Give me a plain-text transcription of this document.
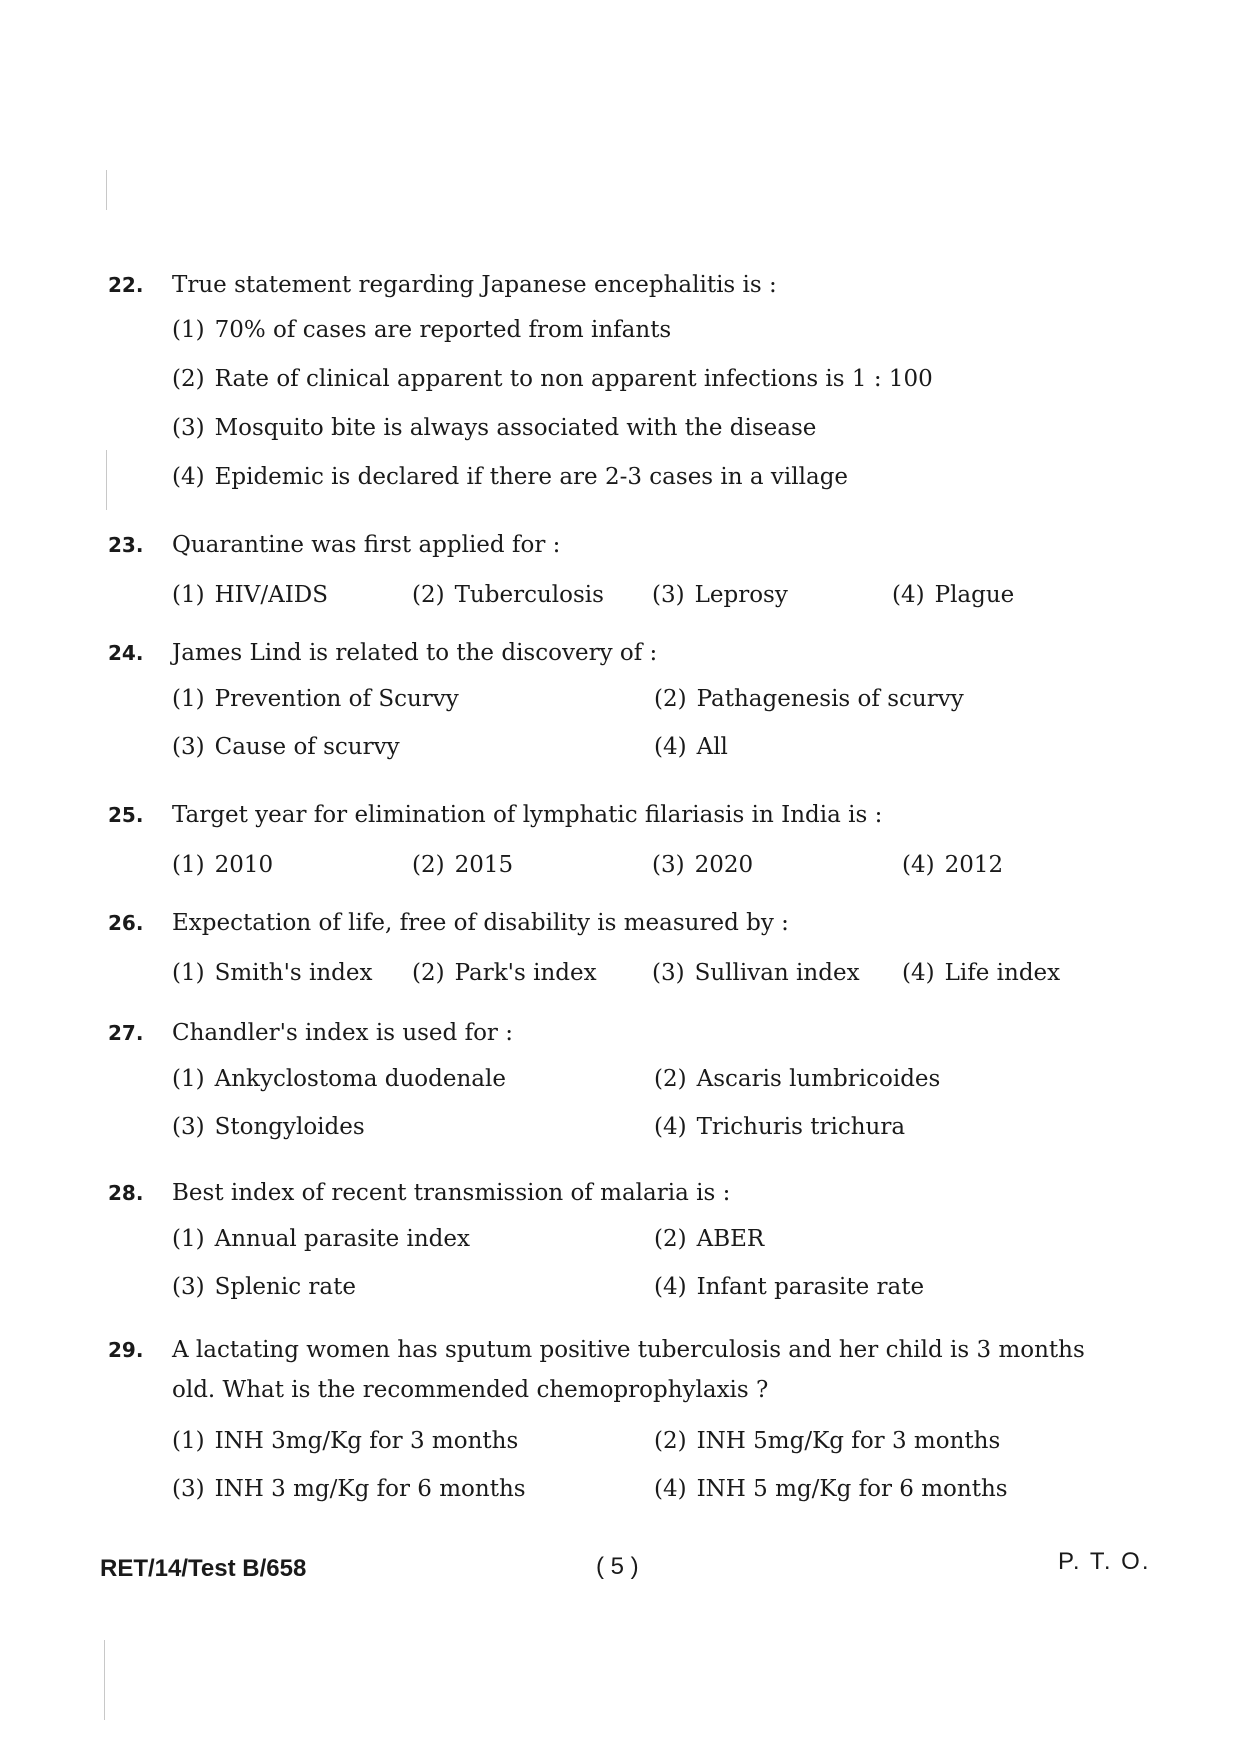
22. True statement regarding Japanese encephalitis is :
(1) 70% of cases are reported from infants
(2) Rate of clinical apparent to non apparent infections is 1 : 100
(3) Mosquito bite is always associated with the disease
(4) Epidemic is declared if there are 2-3 cases in a village
23. Quarantine was first applied for :
(1) HIV/AIDS	(2) Tuberculosis	(3) Leprosy	(4) Plague
24. James Lind is related to the discovery of :
(1) Prevention of Scurvy	(2) Pathagenesis of scurvy
(3) Cause of scurvy	(4) All
25. Target year for elimination of lymphatic filariasis in India is :
(1) 2010	(2) 2015	(3) 2020	(4) 2012
26. Expectation of life, free of disability is measured by :
(1) Smith's index	(2) Park's index	(3) Sullivan index	(4) Life index
27. Chandler's index is used for :
(1) Ankyclostoma duodenale	(2) Ascaris lumbricoides
(3) Stongyloides	(4) Trichuris trichura
28. Best index of recent transmission of malaria is :
(1) Annual parasite index	(2) ABER
(3) Splenic rate	(4) Infant parasite rate
29. A lactating women has sputum positive tuberculosis and her child is 3 months
old. What is the recommended chemoprophylaxis ?
(1) INH 3mg/Kg for 3 months	(2) INH 5mg/Kg for 3 months
(3) INH 3 mg/Kg for 6 months	(4) INH 5 mg/Kg for 6 months
RET/14/Test B/658	( 5 )	P. T. O.
